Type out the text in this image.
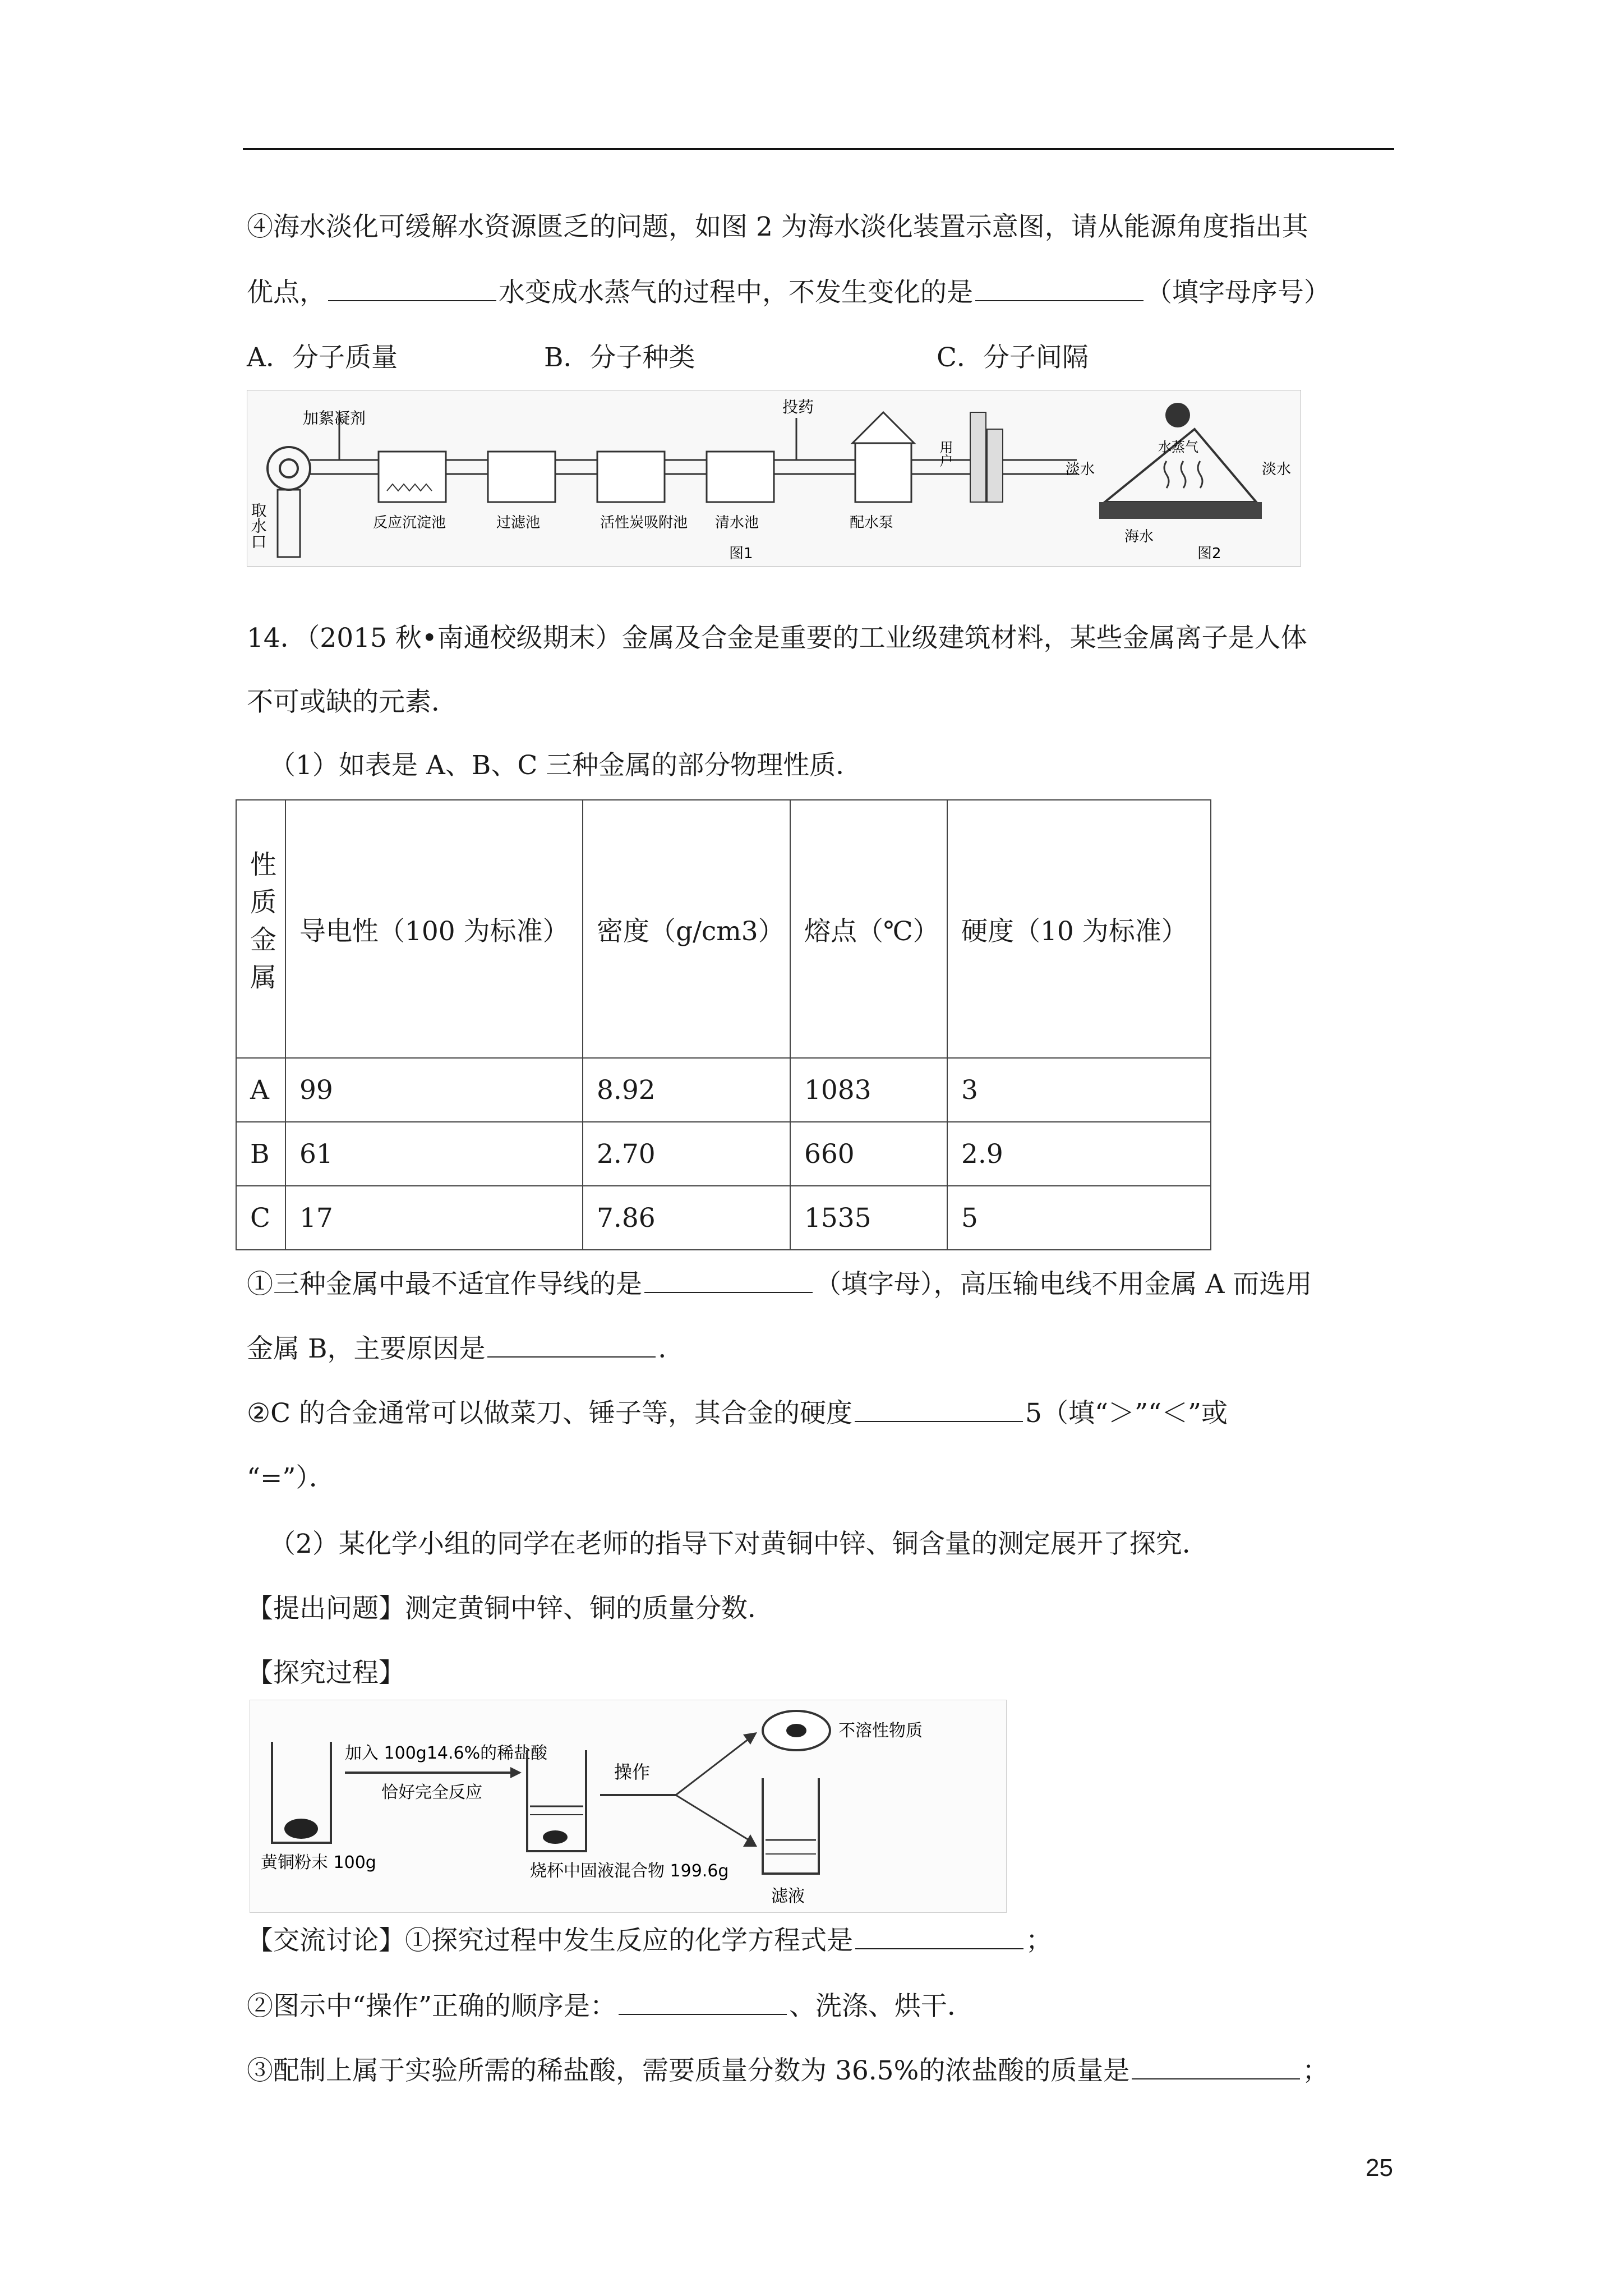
④海水淡化可缓解水资源匮乏的问题，如图 2 为海水淡化装置示意图，请从能源角度指出其
优点，	水变成水蒸气的过程中，不发生变化的是	（填字母序号）
A．分子质量	B．分子种类	C．分子间隔
取水口
加絮凝剂
反应沉淀池	过滤池	活性炭吸附池 清水池
投药
配水泵
用户
图1
淡水
水蒸气
淡水
海水
图2
14．（2015 秋•南通校级期末）金属及合金是重要的工业级建筑材料，某些金属离子是人体
不可或缺的元素．
（1）如表是 A、B、C 三种金属的部分物理性质．
性质金属	导电性（100 为标准）	密度（g/cm3）	熔点（℃）	硬度（10 为标准）
A	99	8.92	1083	3
B	61	2.70	660	2.9
C	17	7.86	1535	5
①三种金属中最不适宜作导线的是	（填字母），高压输电线不用金属 A 而选用
金属 B，主要原因是	．
②C 的合金通常可以做菜刀、锤子等，其合金的硬度	5（填“＞”“＜”或
“=”）．
（2）某化学小组的同学在老师的指导下对黄铜中锌、铜含量的测定展开了探究．
【提出问题】测定黄铜中锌、铜的质量分数．
【探究过程】
黄铜粉末 100g
加入 100g14.6%的稀盐酸
恰好完全反应
烧杯中固液混合物 199.6g
操作
不溶性物质
滤液
【交流讨论】①探究过程中发生反应的化学方程式是	；
②图示中“操作”正确的顺序是：	、洗涤、烘干．
③配制上属于实验所需的稀盐酸，需要质量分数为 36.5%的浓盐酸的质量是	；
25
